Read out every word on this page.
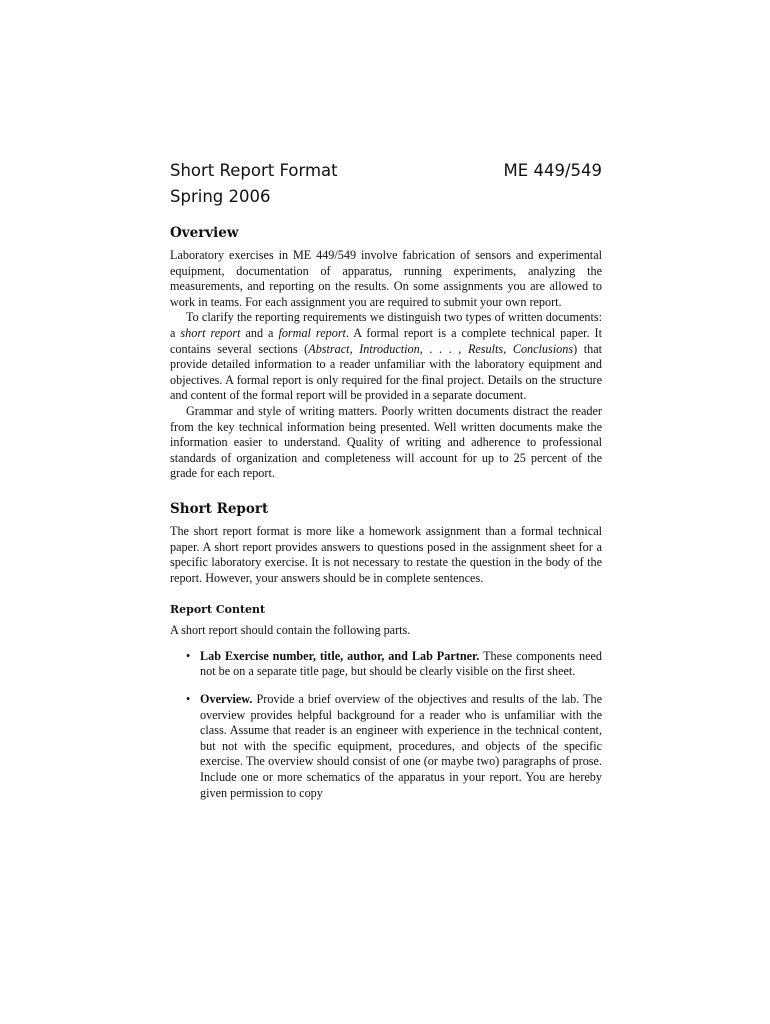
Short Report Format	ME 449/549
Spring 2006
Overview

Laboratory exercises in ME 449/549 involve fabrication of sensors and experimental equipment, documentation of apparatus, running experiments, analyzing the measurements, and reporting on the results. On some assignments you are allowed to work in teams. For each assignment you are required to submit your own report.

To clarify the reporting requirements we distinguish two types of written documents: a short report and a formal report. A formal report is a complete technical paper. It contains several sections (Abstract, Introduction, . . . , Results, Conclusions) that provide detailed information to a reader unfamiliar with the laboratory equipment and objectives. A formal report is only required for the final project. Details on the structure and content of the formal report will be provided in a separate document.

Grammar and style of writing matters. Poorly written documents distract the reader from the key technical information being presented. Well written documents make the information easier to understand. Quality of writing and adherence to professional standards of organization and completeness will account for up to 25 percent of the grade for each report.

Short Report

The short report format is more like a homework assignment than a formal technical paper. A short report provides answers to questions posed in the assignment sheet for a specific laboratory exercise. It is not necessary to restate the question in the body of the report. However, your answers should be in complete sentences.

Report Content

A short report should contain the following parts.

• Lab Exercise number, title, author, and Lab Partner. These components need not be on a separate title page, but should be clearly visible on the first sheet.
• Overview. Provide a brief overview of the objectives and results of the lab. The overview provides helpful background for a reader who is unfamiliar with the class. Assume that reader is an engineer with experience in the technical content, but not with the specific equipment, procedures, and objects of the specific exercise. The overview should consist of one (or maybe two) paragraphs of prose. Include one or more schematics of the apparatus in your report. You are hereby given permission to copy
